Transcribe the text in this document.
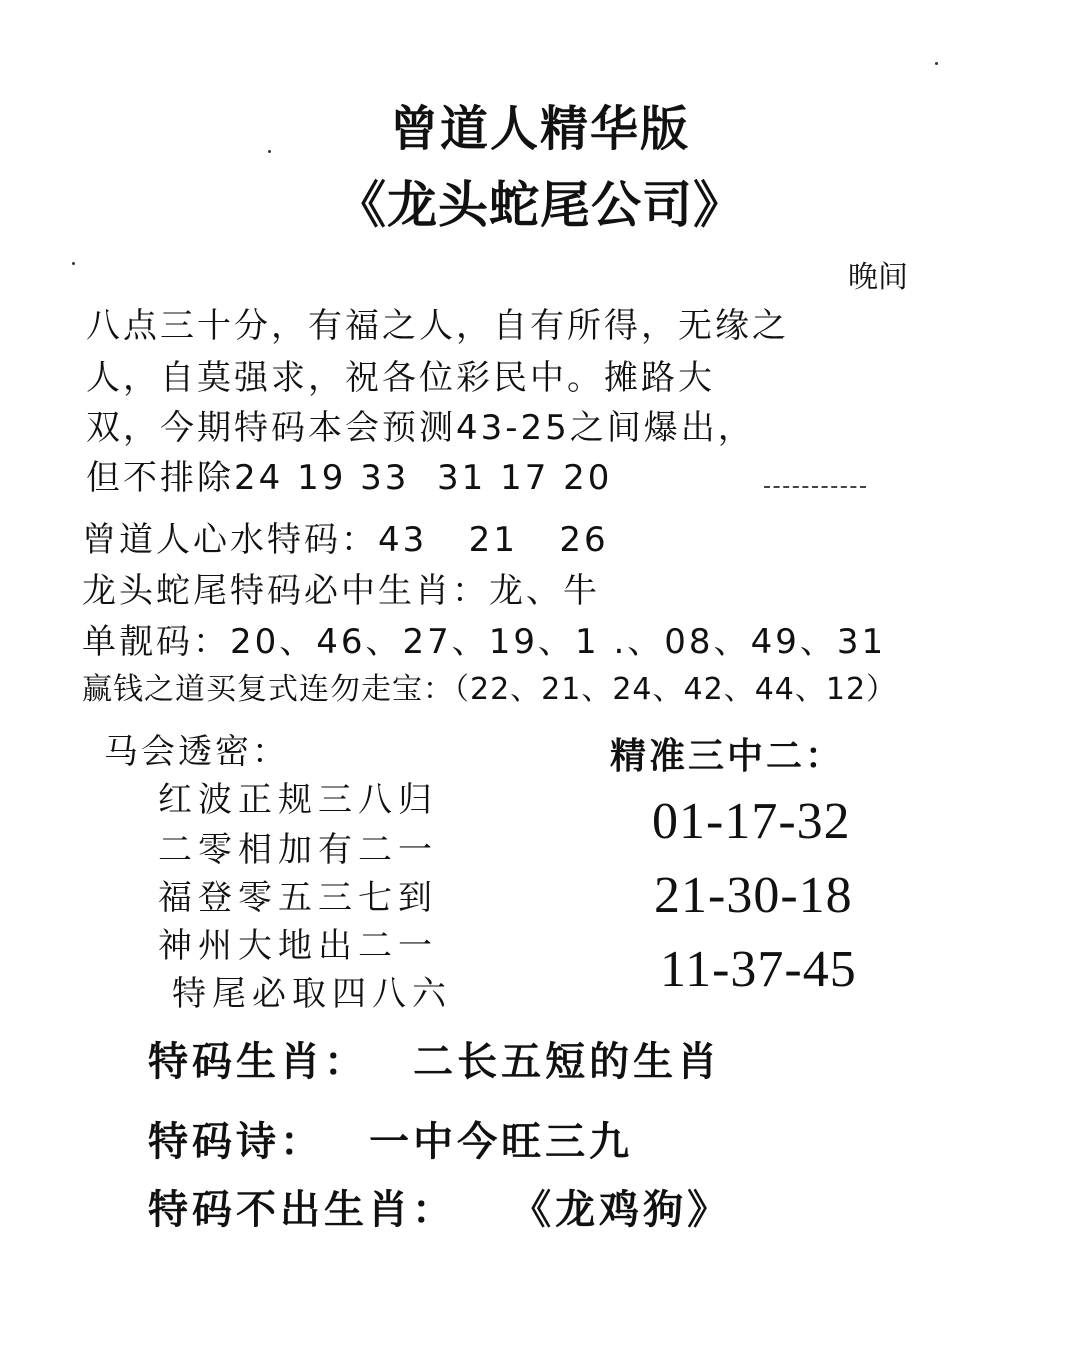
曾道人精华版
《龙头蛇尾公司》
晚间
八点三十分，有福之人，自有所得，无缘之
人，自莫强求，祝各位彩民中。摊路大
双，今期特码本会预测43-25之间爆出，
但不排除24 19 33  31 17 20
曾道人心水特码：43   21   26
龙头蛇尾特码必中生肖：龙、牛
单靓码：20、46、27、19、1 .、08、49、31
赢钱之道买复式连勿走宝：（22、21、24、42、44、12）
马会透密：	精准三中二：
红波正规三八归
二零相加有二一
福登零五三七到
神州大地出二一
特尾必取四八六
01-17-32
21-30-18
11-37-45
特码生肖： 二长五短的生肖
特码诗： 一中今旺三九
特码不出生肖： 《龙鸡狗》
